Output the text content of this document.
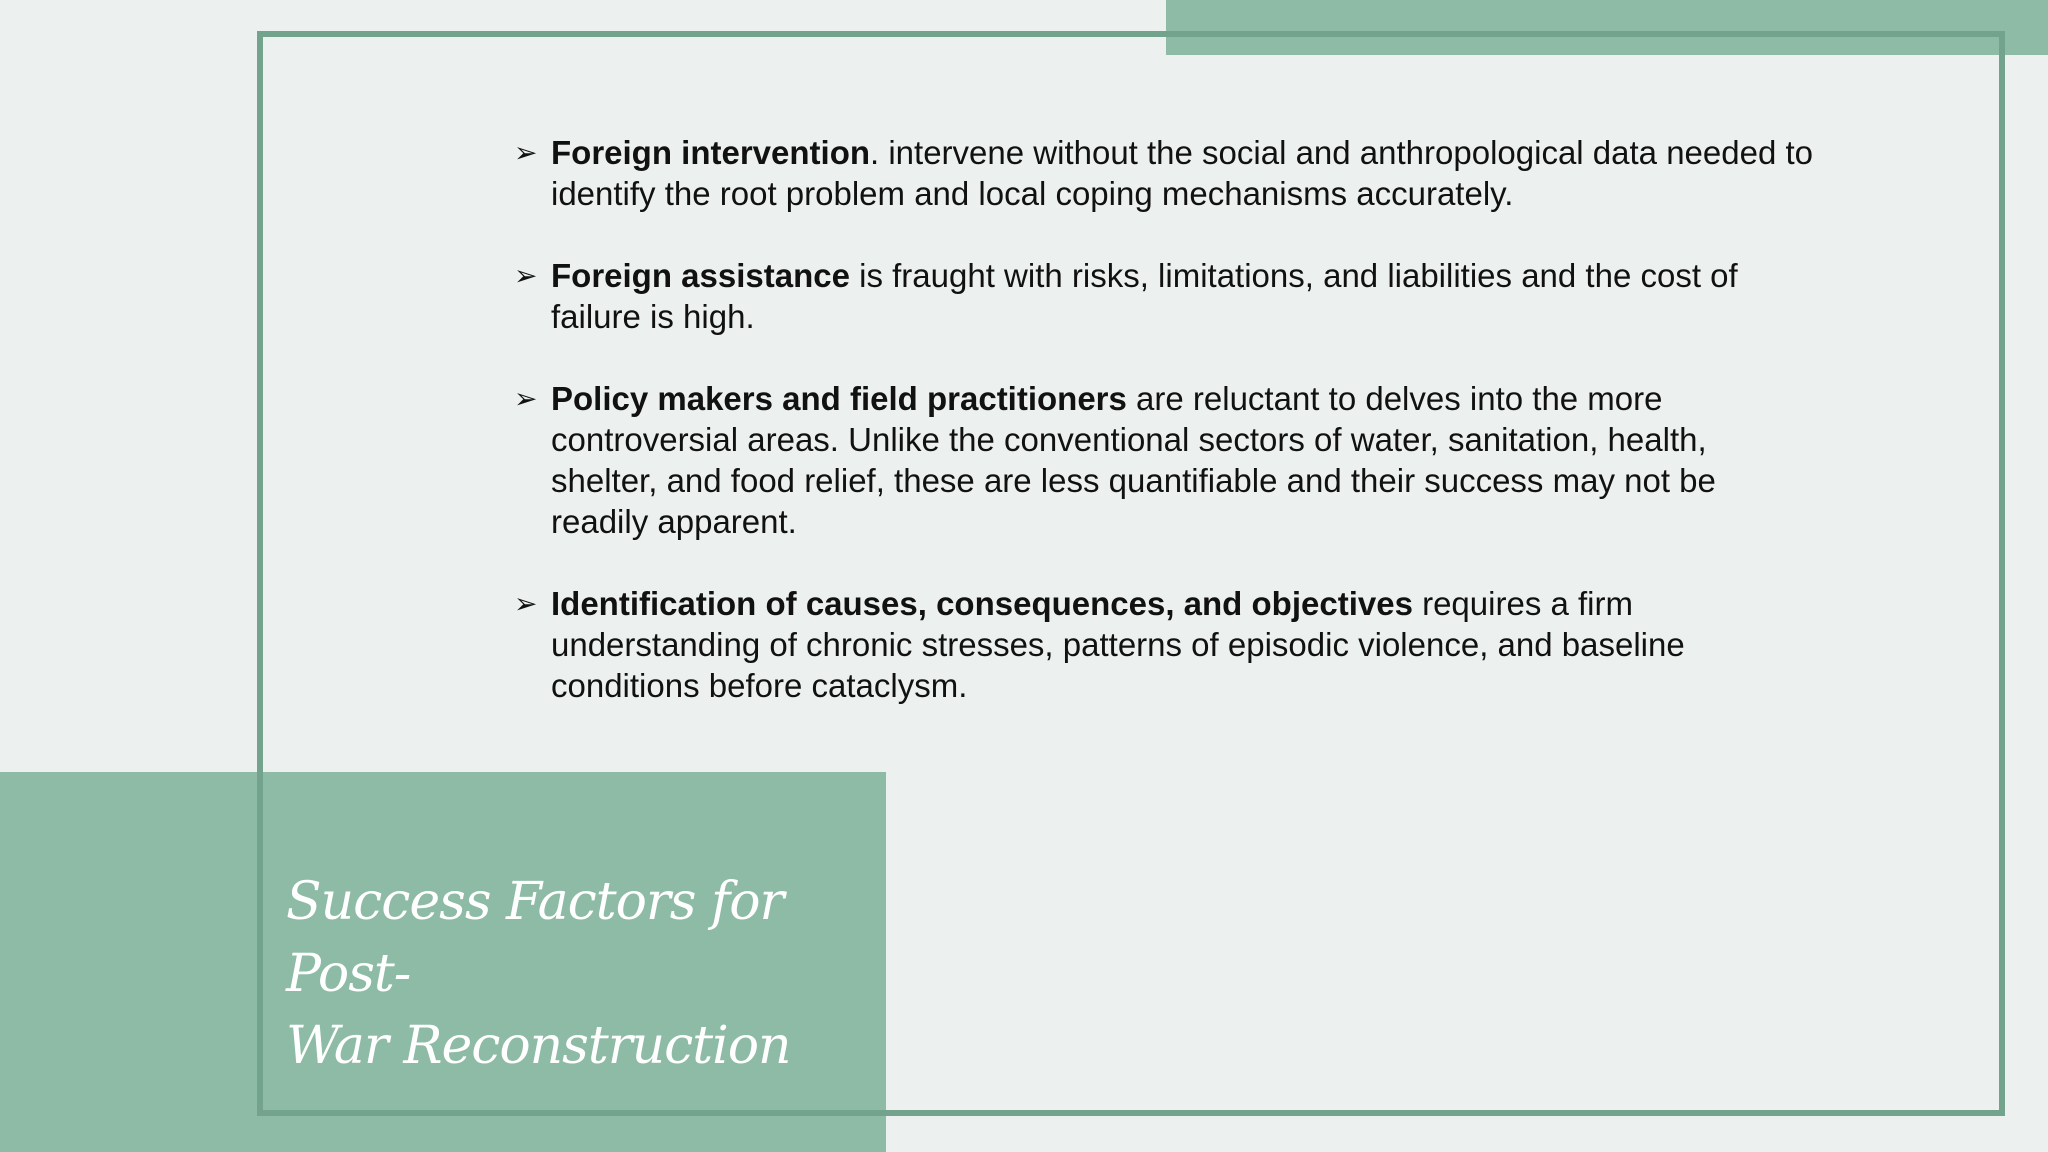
➢ Foreign intervention. intervene without the social and anthropological data needed to identify the root problem and local coping mechanisms accurately.
➢ Foreign assistance is fraught with risks, limitations, and liabilities and the cost of failure is high.
➢ Policy makers and field practitioners are reluctant to delves into the more controversial areas. Unlike the conventional sectors of water, sanitation, health, shelter, and food relief, these are less quantifiable and their success may not be readily apparent.
➢ Identification of causes, consequences, and objectives requires a firm understanding of chronic stresses, patterns of episodic violence, and baseline conditions before cataclysm.
Success Factors for Post-
War Reconstruction
